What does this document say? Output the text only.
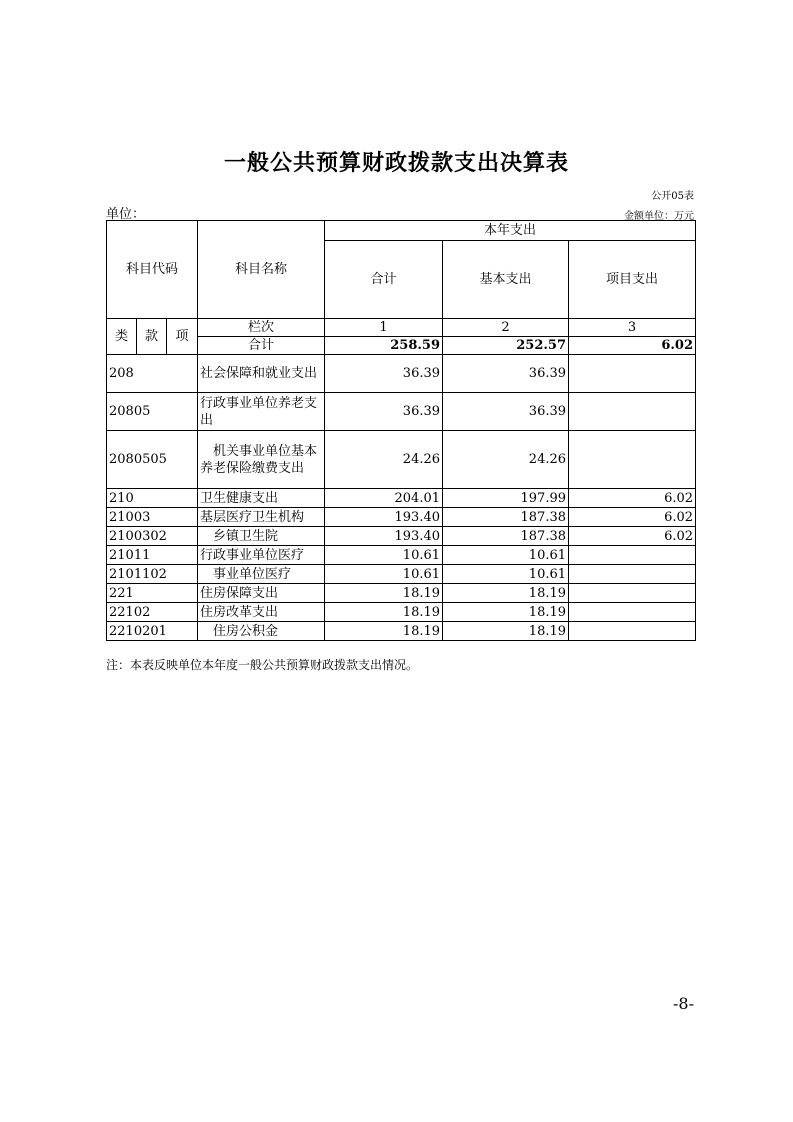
一般公共预算财政拨款支出决算表
公开05表
单位：	金额单位：万元
科目代码			科目名称	本年支出		
				合计	基本支出	项目支出
类	款	项	栏次	1	2	3
			合计	258.59	252.57	6.02
208			社会保障和就业支出	36.39	36.39	
20805			行政事业单位养老支出	36.39	36.39	
2080505			　机关事业单位基本养老保险缴费支出	24.26	24.26	
210			卫生健康支出	204.01	197.99	6.02
21003			基层医疗卫生机构	193.40	187.38	6.02
2100302			　乡镇卫生院	193.40	187.38	6.02
21011			行政事业单位医疗	10.61	10.61	
2101102			　事业单位医疗	10.61	10.61	
221			住房保障支出	18.19	18.19	
22102			住房改革支出	18.19	18.19	
2210201			　住房公积金	18.19	18.19	
注：本表反映单位本年度一般公共预算财政拨款支出情况。
-8-
